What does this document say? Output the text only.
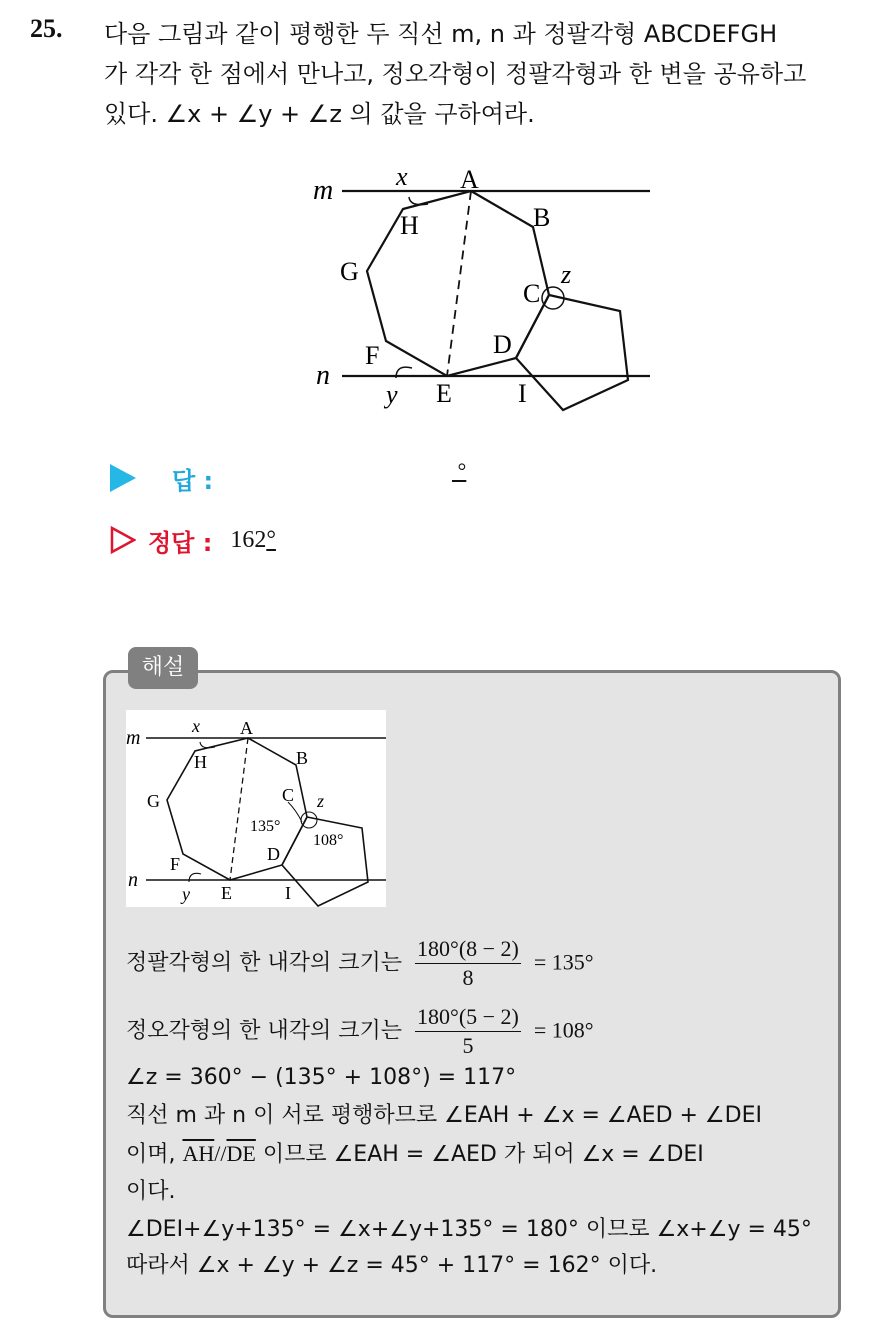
25. 다음 그림과 같이 평행한 두 직선 m, n 과 정팔각형 ABCDEFGH
가 각각 한 점에서 만나고, 정오각형이 정팔각형과 한 변을 공유하고
있다. ∠x + ∠y + ∠z 의 값을 구하여라.
m
n
x
y
z
A
B
C
D
E
F
G
H
I
답 :	°
정답 : 162°
해설
m
n
x
y
z
A
B
C
D
E
F
G
H
I
135°
108°
정팔각형의 한 내각의 크기는 $\frac{180^\circ(8 - 2)}{8} = 135^\circ$
정오각형의 한 내각의 크기는 $\frac{180^\circ(5 - 2)}{5} = 108^\circ$
∠z = 360° − (135° + 108°) = 117°
직선 m 과 n 이 서로 평행하므로 ∠EAH + ∠x = ∠AED + ∠DEI
이며, $\overline{AH}//\overline{DE}$ 이므로 ∠EAH = ∠AED 가 되어 ∠x = ∠DEI
이다.
∠DEI+∠y+135° = ∠x+∠y+135° = 180° 이므로 ∠x+∠y = 45°
따라서 ∠x + ∠y + ∠z = 45° + 117° = 162° 이다.
